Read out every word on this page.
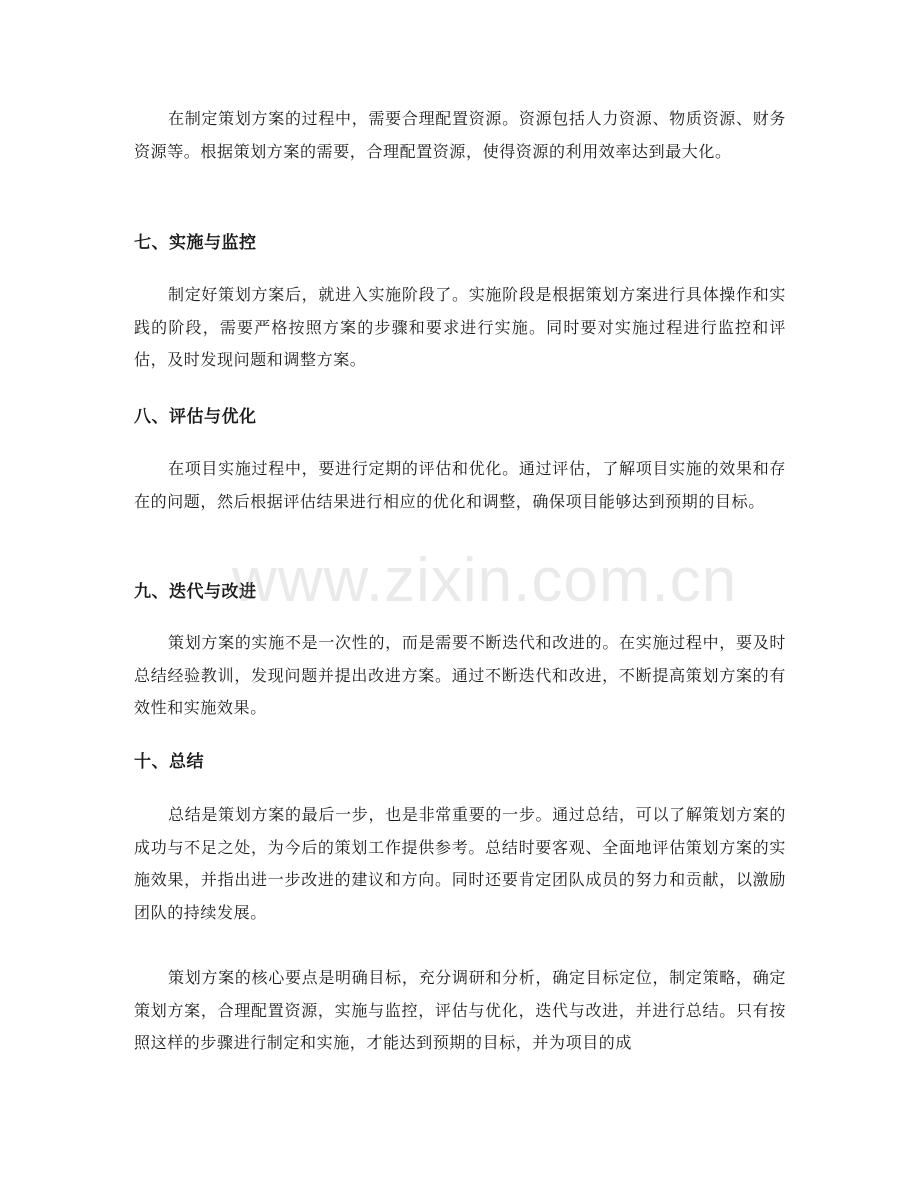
在制定策划方案的过程中，需要合理配置资源。资源包括人力资源、物质资源、财务资源等。根据策划方案的需要，合理配置资源，使得资源的利用效率达到最大化。

七、实施与监控

制定好策划方案后，就进入实施阶段了。实施阶段是根据策划方案进行具体操作和实践的阶段，需要严格按照方案的步骤和要求进行实施。同时要对实施过程进行监控和评估，及时发现问题和调整方案。

八、评估与优化

在项目实施过程中，要进行定期的评估和优化。通过评估，了解项目实施的效果和存在的问题，然后根据评估结果进行相应的优化和调整，确保项目能够达到预期的目标。

九、迭代与改进

策划方案的实施不是一次性的，而是需要不断迭代和改进的。在实施过程中，要及时总结经验教训，发现问题并提出改进方案。通过不断迭代和改进，不断提高策划方案的有效性和实施效果。

十、总结

总结是策划方案的最后一步，也是非常重要的一步。通过总结，可以了解策划方案的成功与不足之处，为今后的策划工作提供参考。总结时要客观、全面地评估策划方案的实施效果，并指出进一步改进的建议和方向。同时还要肯定团队成员的努力和贡献，以激励团队的持续发展。

策划方案的核心要点是明确目标，充分调研和分析，确定目标定位，制定策略，确定策划方案，合理配置资源，实施与监控，评估与优化，迭代与改进，并进行总结。只有按照这样的步骤进行制定和实施，才能达到预期的目标，并为项目的成

www.zixin.com.cn
